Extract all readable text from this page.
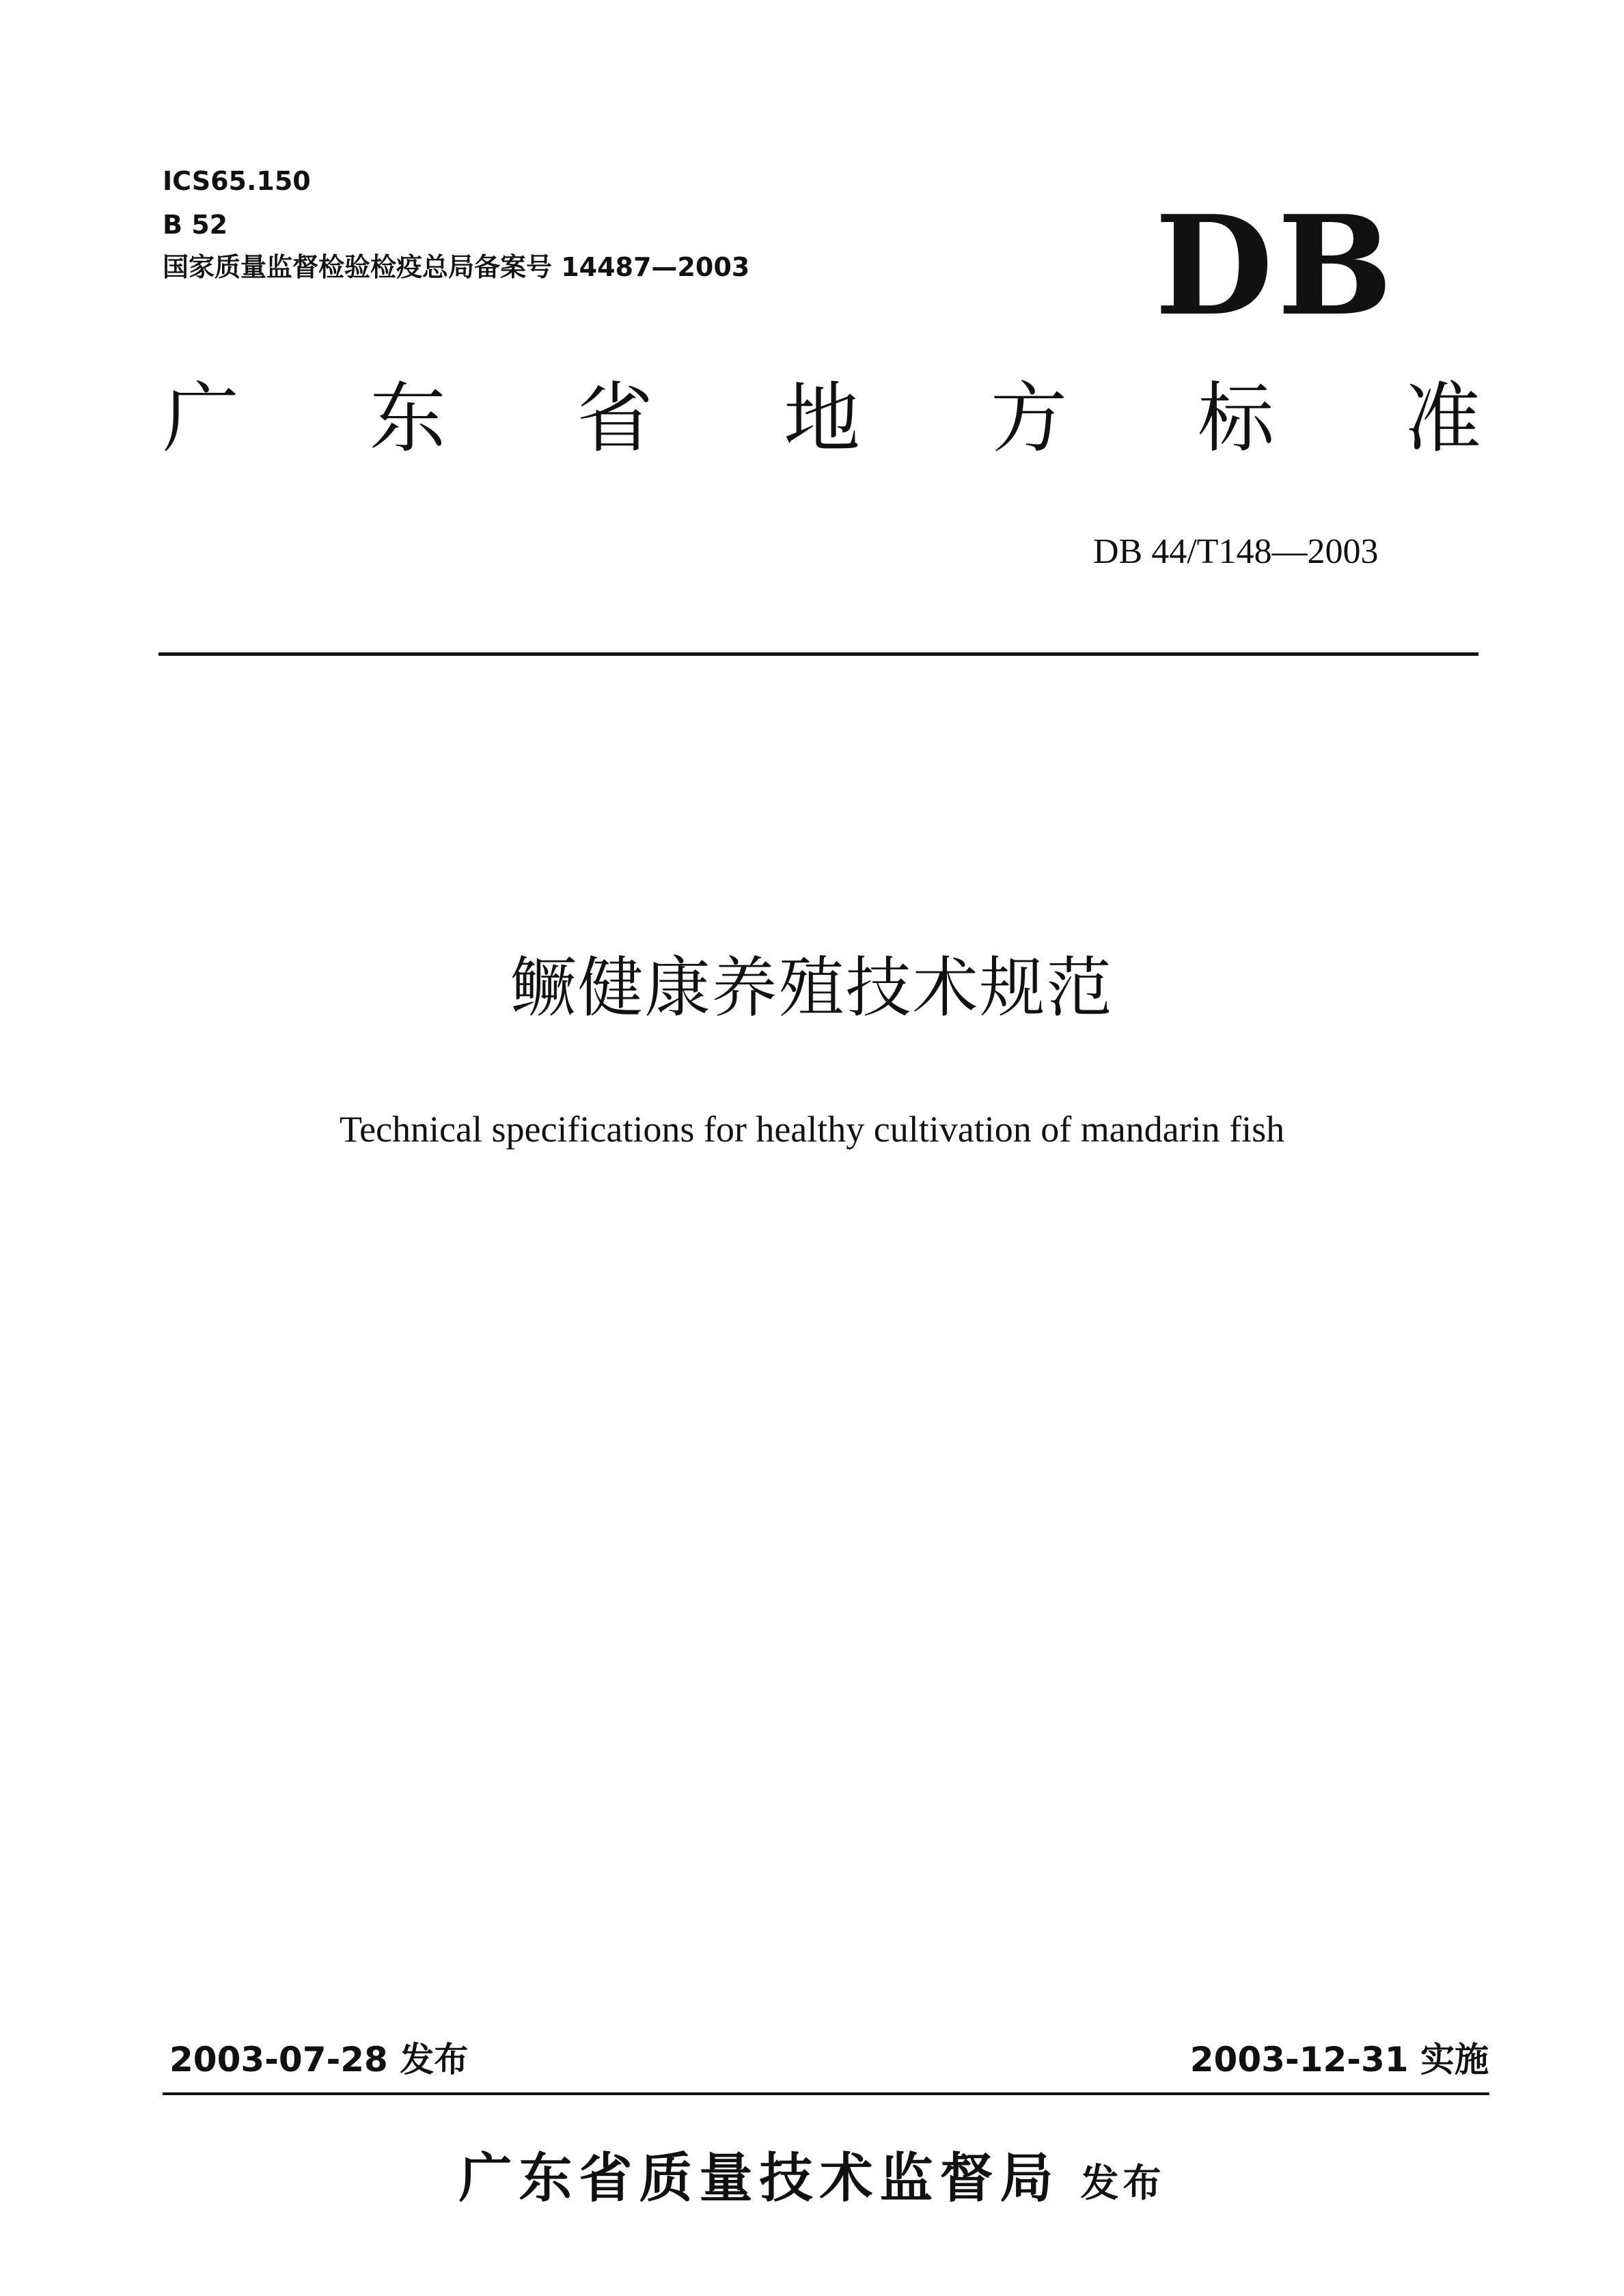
ICS65.150
B 52
国家质量监督检验检疫总局备案号 14487—2003	DB
广 东 省 地 方 标 准
DB 44/T148—2003
鳜健康养殖技术规范
Technical specifications for healthy cultivation of mandarin fish
2003-07-28 发布	2003-12-31 实施
广东省质量技术监督局 发布
